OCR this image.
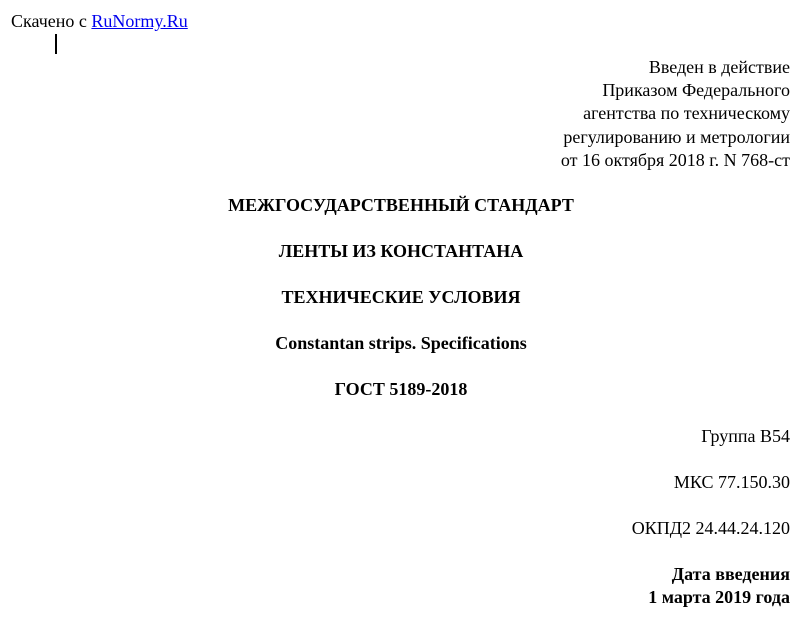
Скачено с RuNormy.Ru
Введен в действие
Приказом Федерального
агентства по техническому
регулированию и метрологии
от 16 октября 2018 г. N 768-ст
МЕЖГОСУДАРСТВЕННЫЙ СТАНДАРТ
ЛЕНТЫ ИЗ КОНСТАНТАНА
ТЕХНИЧЕСКИЕ УСЛОВИЯ
Constantan strips. Specifications
ГОСТ 5189-2018
Группа В54
МКС 77.150.30
ОКПД2 24.44.24.120
Дата введения
1 марта 2019 года
